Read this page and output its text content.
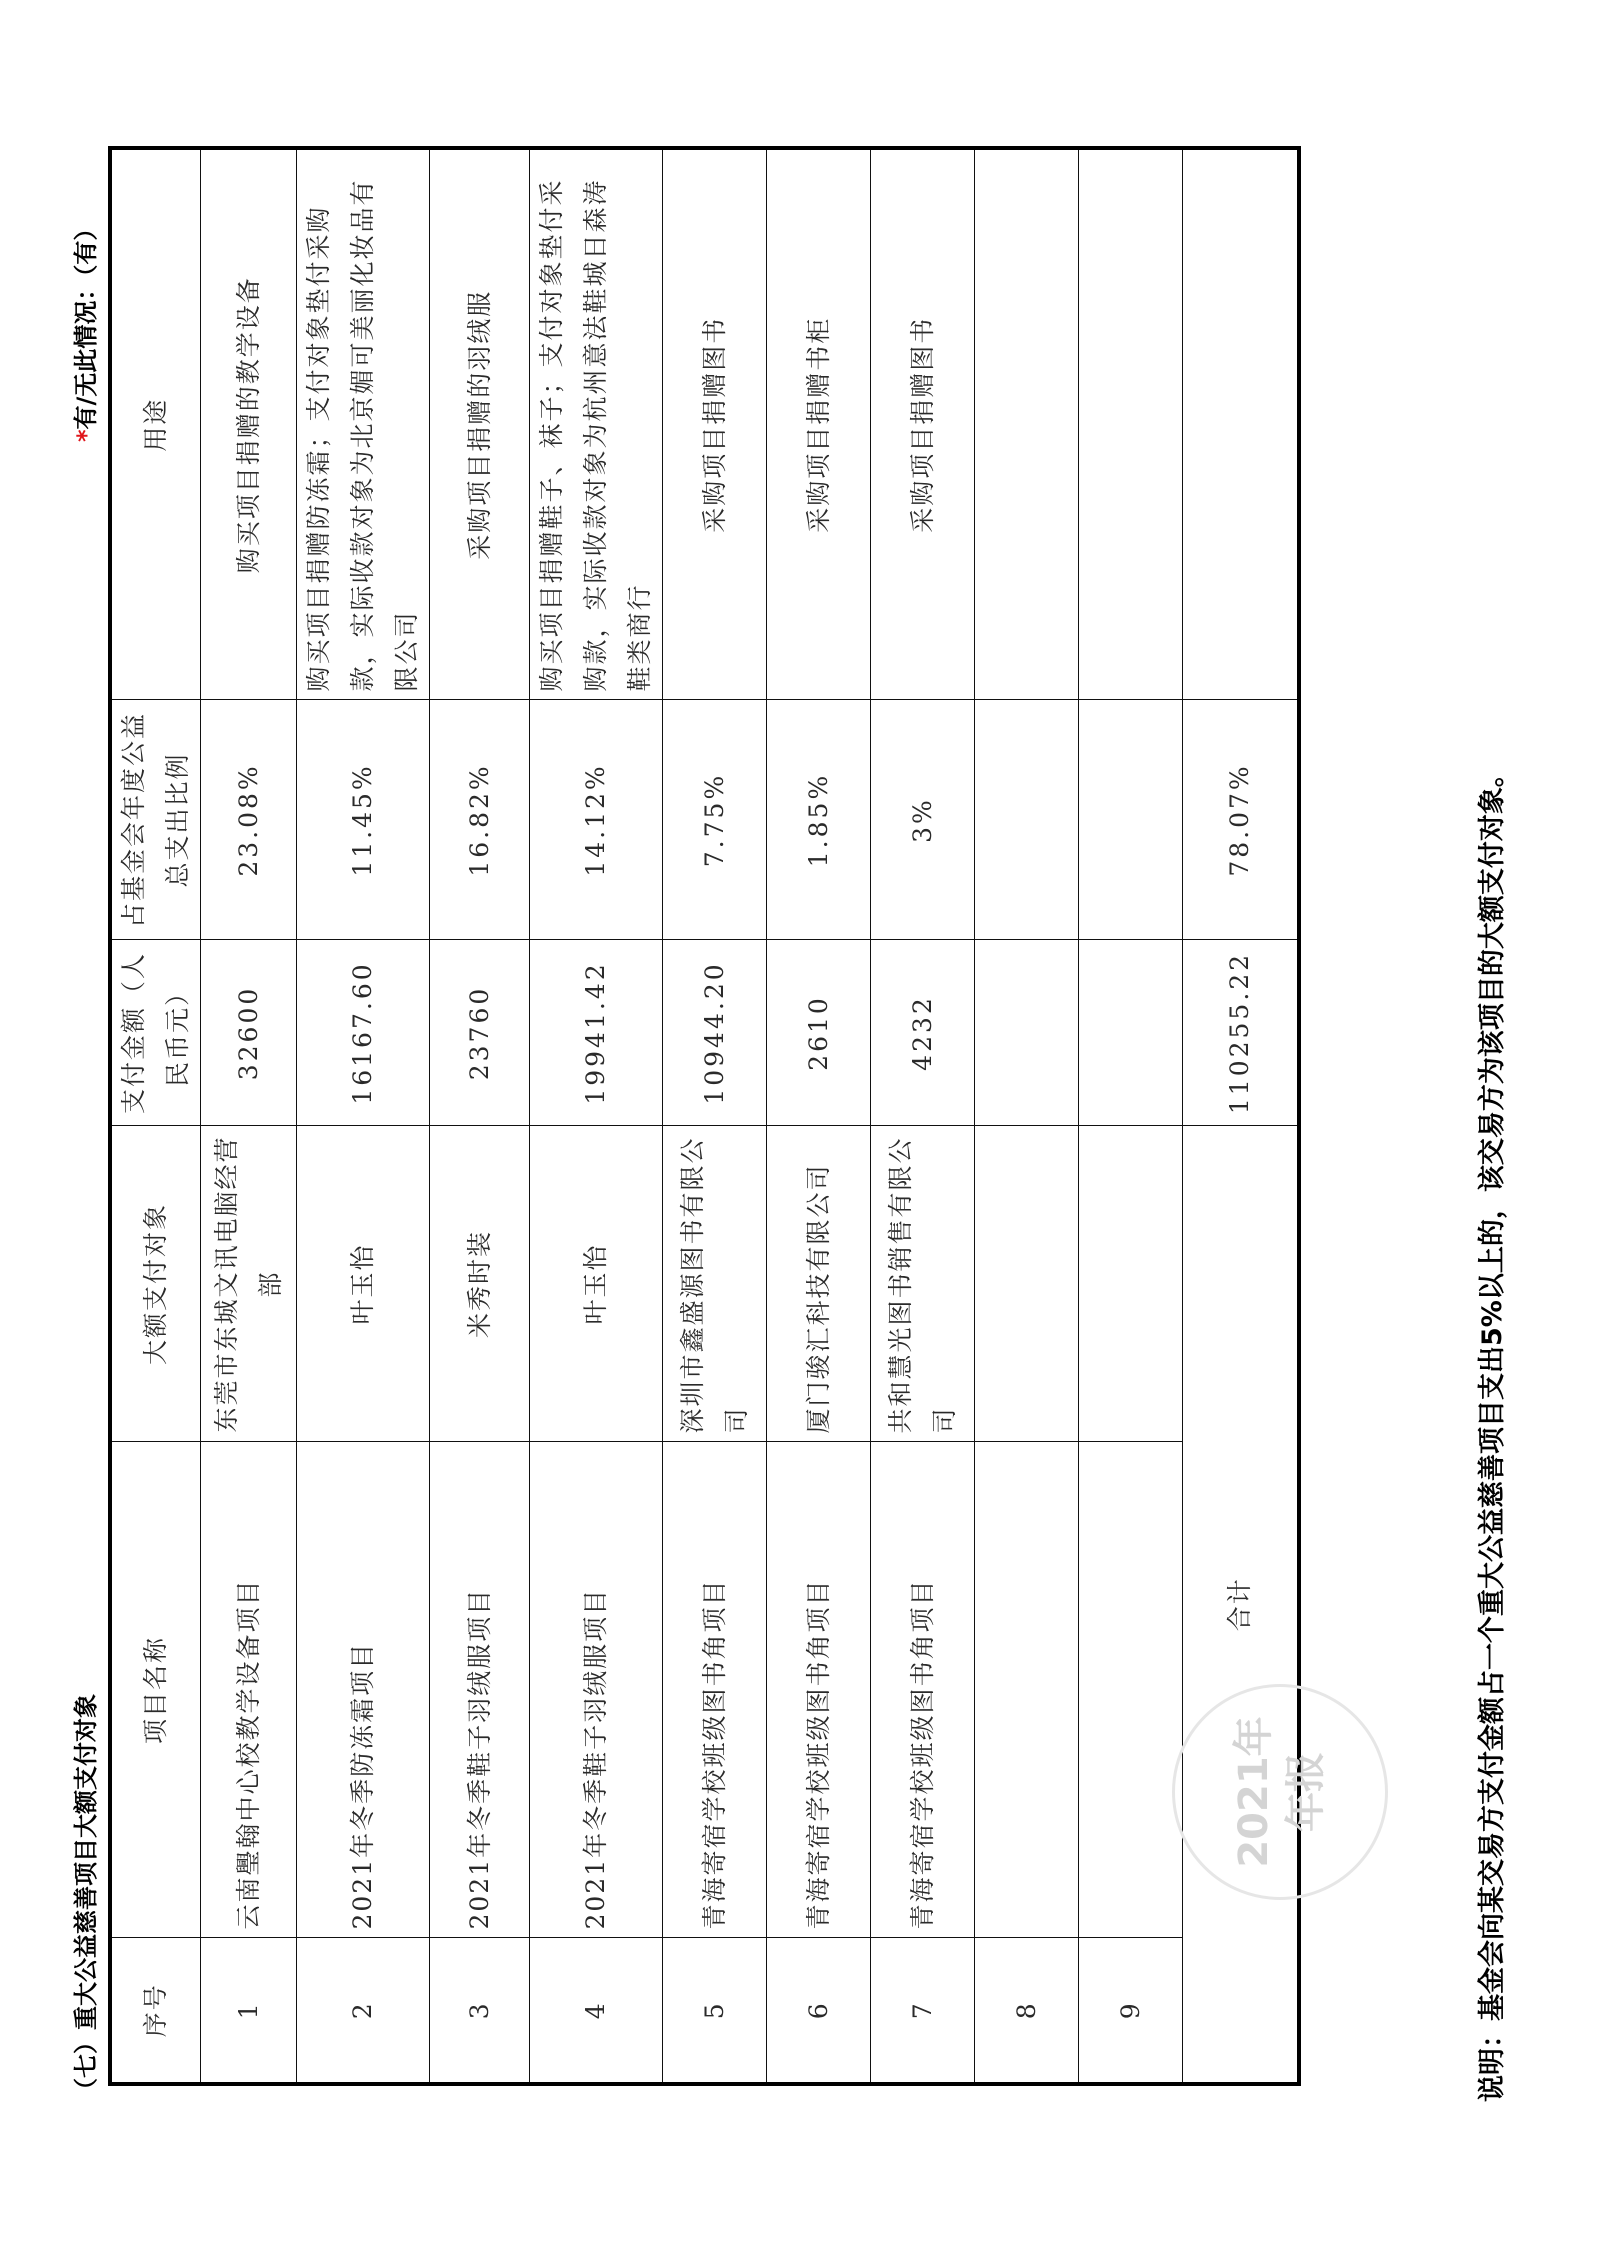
（七）重大公益慈善项目大额支付对象
*有/无此情况：（有）
序号	项目名称	大额支付对象	支付金额（人民币元）	占基金会年度公益总支出比例	用途
1	云南璺翰中心校教学设备项目	东莞市东城文讯电脑经营部	32600	23.08%	购买项目捐赠的教学设备
2	2021年冬季防冻霜项目	叶玉怡	16167.60	11.45%	购买项目捐赠防冻霜；支付对象垫付采购款，实际收款对象为北京媚可美丽化妆品有限公司
3	2021年冬季鞋子羽绒服项目	米秀时装	23760	16.82%	采购项目捐赠的羽绒服
4	2021年冬季鞋子羽绒服项目	叶玉怡	19941.42	14.12%	购买项目捐赠鞋子、袜子；支付对象垫付采购款，实际收款对象为杭州意法鞋城日森涛鞋类商行
5	青海寄宿学校班级图书角项目	深圳市鑫盛源图书有限公司	10944.20	7.75%	采购项目捐赠图书
6	青海寄宿学校班级图书角项目	厦门骏汇科技有限公司	2610	1.85%	采购项目捐赠书柜
7	青海寄宿学校班级图书角项目	共和慧光图书销售有限公司	4232	3%	采购项目捐赠图书
8					
9					
合计			110255.22	78.07%		说明：基金会向某交易方支付金额占一个重大公益慈善项目支出5%以上的，该交易方为该项目的大额支付对象。
2021年 年报
